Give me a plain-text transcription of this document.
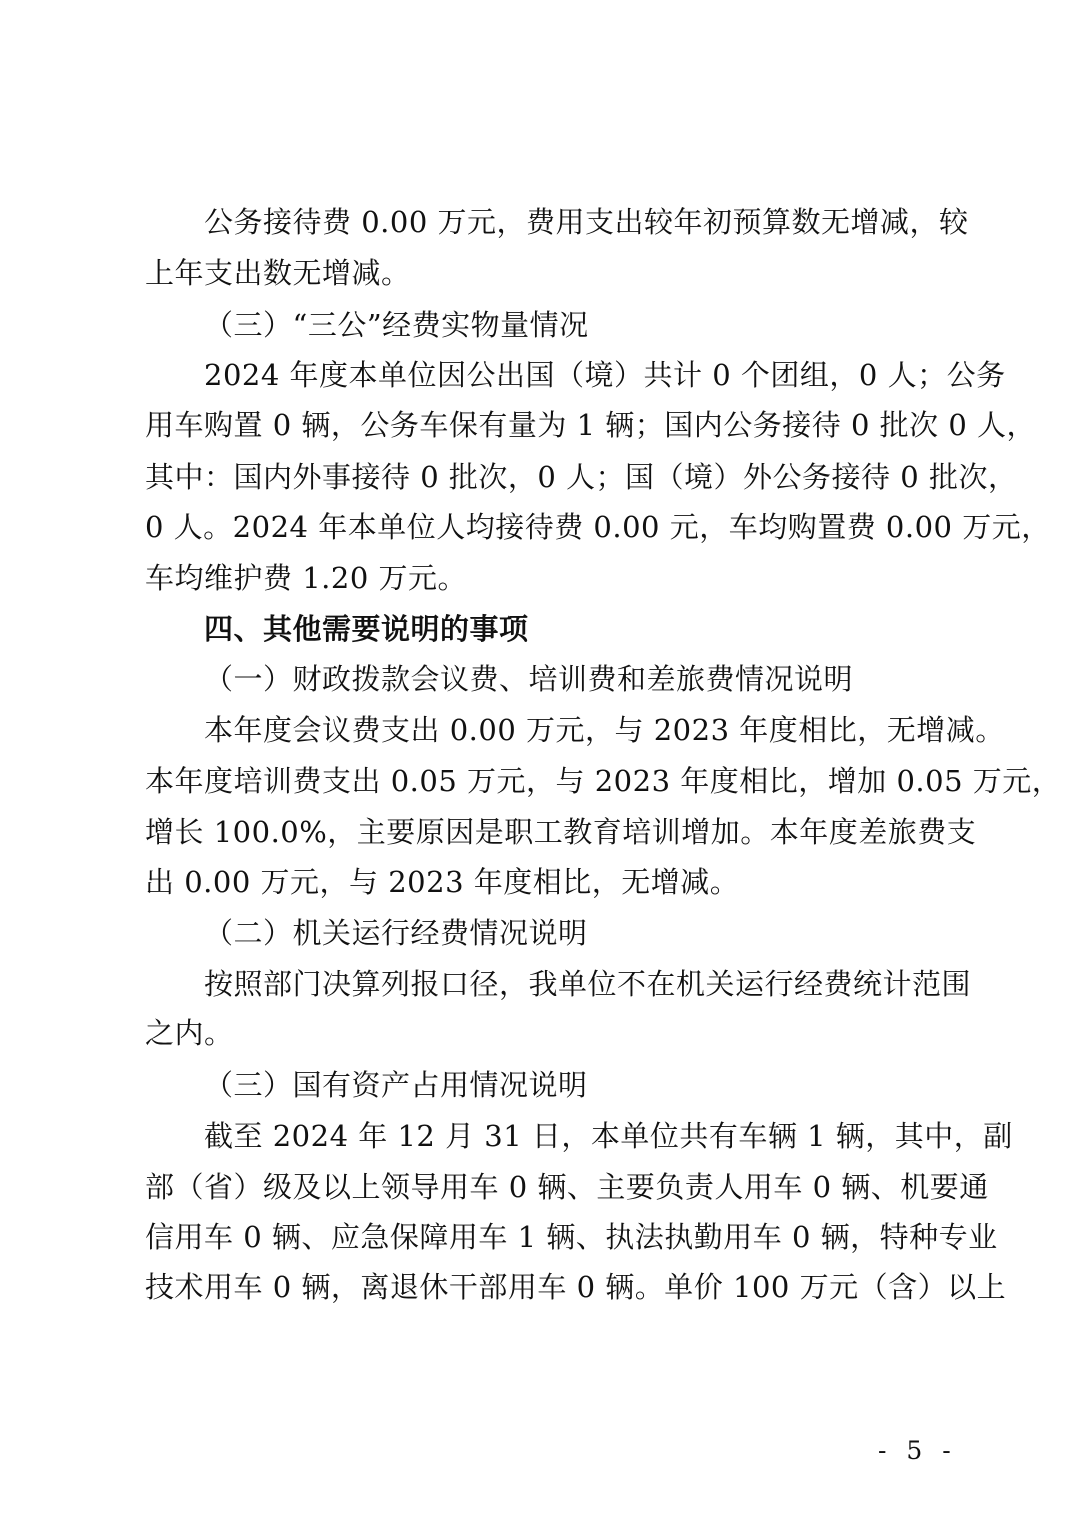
公务接待费 0.00 万元，费用支出较年初预算数无增减，较
上年支出数无增减。
（三）“三公”经费实物量情况
2024 年度本单位因公出国（境）共计 0 个团组，0 人；公务
用车购置 0 辆，公务车保有量为 1 辆；国内公务接待 0 批次 0 人，
其中：国内外事接待 0 批次，0 人；国（境）外公务接待 0 批次，
0 人。2024 年本单位人均接待费 0.00 元，车均购置费 0.00 万元，
车均维护费 1.20 万元。
四、其他需要说明的事项
（一）财政拨款会议费、培训费和差旅费情况说明
本年度会议费支出 0.00 万元，与 2023 年度相比，无增减。
本年度培训费支出 0.05 万元，与 2023 年度相比，增加 0.05 万元，
增长 100.0%，主要原因是职工教育培训增加。本年度差旅费支
出 0.00 万元，与 2023 年度相比，无增减。
（二）机关运行经费情况说明
按照部门决算列报口径，我单位不在机关运行经费统计范围
之内。
（三）国有资产占用情况说明
截至 2024 年 12 月 31 日，本单位共有车辆 1 辆，其中，副
部（省）级及以上领导用车 0 辆、主要负责人用车 0 辆、机要通
信用车 0 辆、应急保障用车 1 辆、执法执勤用车 0 辆，特种专业
技术用车 0 辆，离退休干部用车 0 辆。单价 100 万元（含）以上
- 5 -
